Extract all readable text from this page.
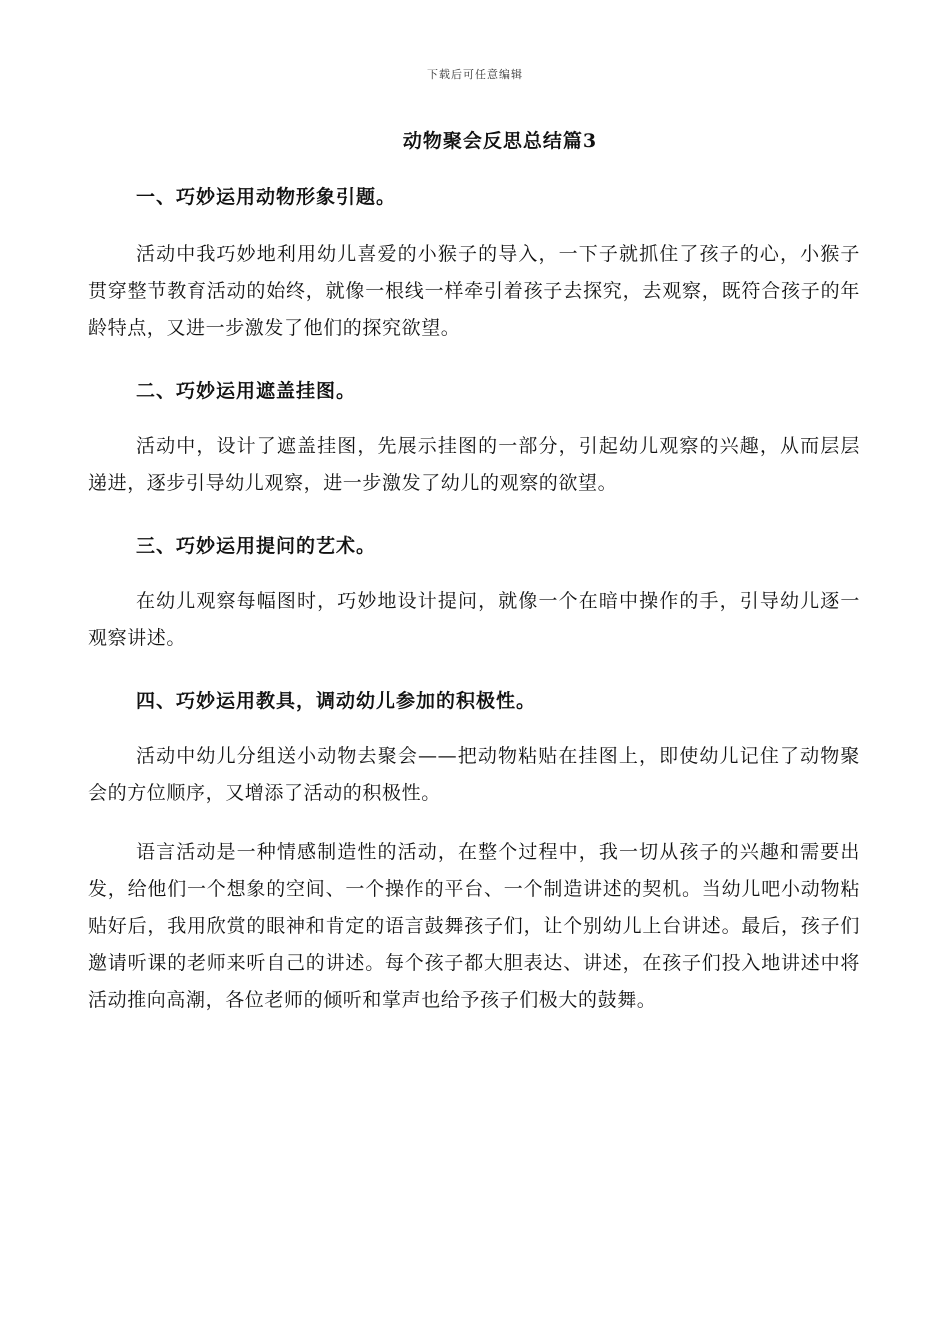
下载后可任意编辑
动物聚会反思总结篇3
一、巧妙运用动物形象引题。
活动中我巧妙地利用幼儿喜爱的小猴子的导入，一下子就抓住了孩子的心，小猴子贯穿整节教育活动的始终，就像一根线一样牵引着孩子去探究，去观察，既符合孩子的年龄特点，又进一步激发了他们的探究欲望。
二、巧妙运用遮盖挂图。
活动中，设计了遮盖挂图，先展示挂图的一部分，引起幼儿观察的兴趣，从而层层递进，逐步引导幼儿观察，进一步激发了幼儿的观察的欲望。
三、巧妙运用提问的艺术。
在幼儿观察每幅图时，巧妙地设计提问，就像一个在暗中操作的手，引导幼儿逐一观察讲述。
四、巧妙运用教具，调动幼儿参加的积极性。
活动中幼儿分组送小动物去聚会——把动物粘贴在挂图上，即使幼儿记住了动物聚会的方位顺序，又增添了活动的积极性。
语言活动是一种情感制造性的活动，在整个过程中，我一切从孩子的兴趣和需要出发，给他们一个想象的空间、一个操作的平台、一个制造讲述的契机。当幼儿吧小动物粘贴好后，我用欣赏的眼神和肯定的语言鼓舞孩子们，让个别幼儿上台讲述。最后，孩子们邀请听课的老师来听自己的讲述。每个孩子都大胆表达、讲述，在孩子们投入地讲述中将活动推向高潮，各位老师的倾听和掌声也给予孩子们极大的鼓舞。
